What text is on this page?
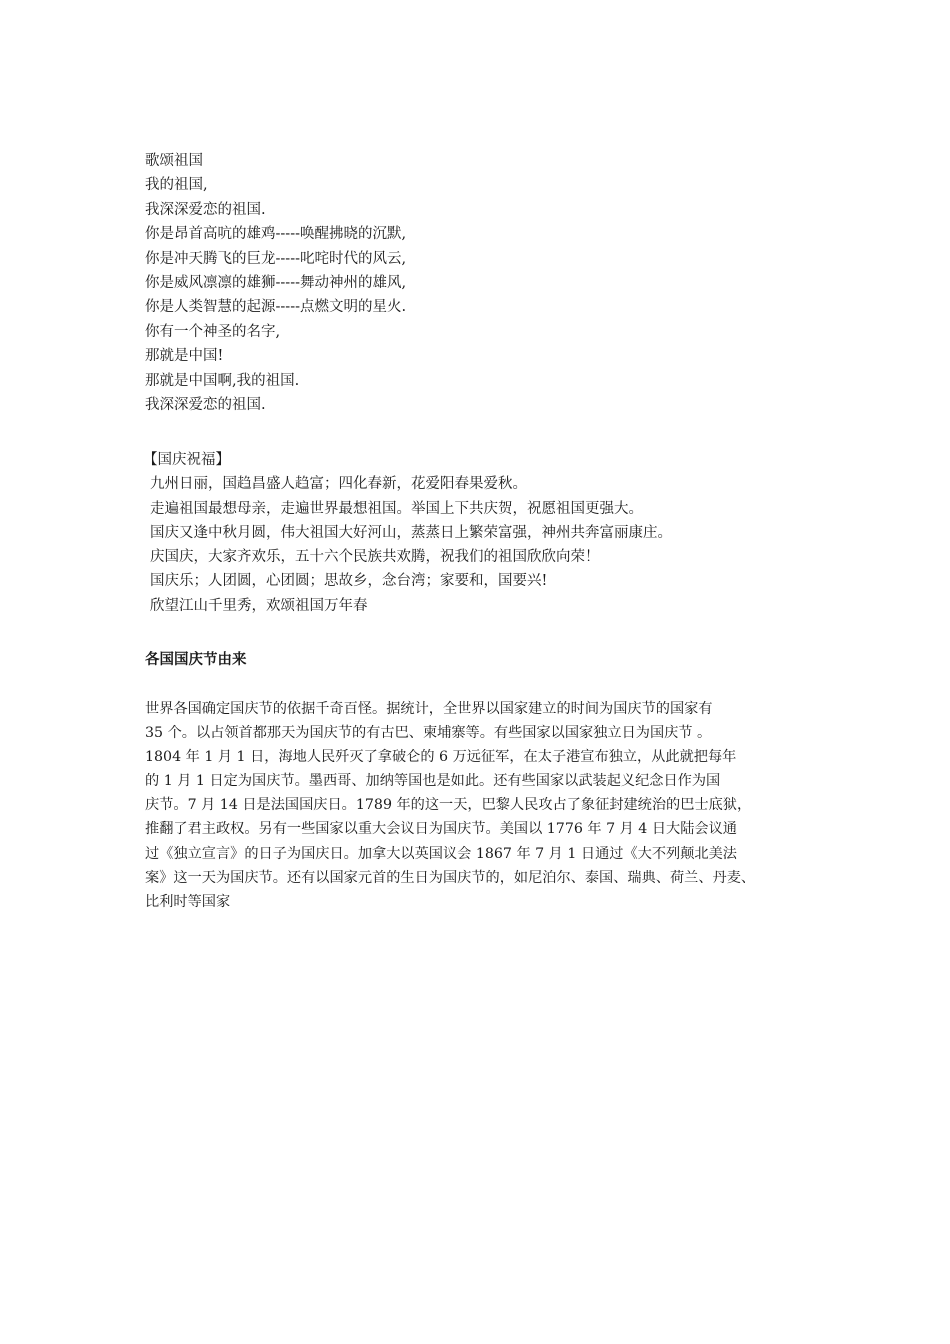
歌颂祖国
我的祖国,
我深深爱恋的祖国.
你是昂首高吭的雄鸡-----唤醒拂晓的沉默,
你是冲天腾飞的巨龙-----叱咤时代的风云,
你是威风凛凛的雄狮-----舞动神州的雄风,
你是人类智慧的起源-----点燃文明的星火.
你有一个神圣的名字,
那就是中国!
那就是中国啊,我的祖国.
我深深爱恋的祖国.
【国庆祝福】
九州日丽，国趋昌盛人趋富；四化春新，花爱阳春果爱秋。
走遍祖国最想母亲，走遍世界最想祖国。举国上下共庆贺，祝愿祖国更强大。
国庆又逢中秋月圆，伟大祖国大好河山，蒸蒸日上繁荣富强，神州共奔富丽康庄。
庆国庆，大家齐欢乐，五十六个民族共欢腾，祝我们的祖国欣欣向荣！
国庆乐；人团圆，心团圆；思故乡，念台湾；家要和，国要兴!
欣望江山千里秀，欢颂祖国万年春
各国国庆节由来
世界各国确定国庆节的依据千奇百怪。据统计，全世界以国家建立的时间为国庆节的国家有
35 个。以占领首都那天为国庆节的有古巴、柬埔寨等。有些国家以国家独立日为国庆节 。
1804 年 1 月 1 日，海地人民歼灭了拿破仑的 6 万远征军，在太子港宣布独立，从此就把每年
的 1 月 1 日定为国庆节。墨西哥、加纳等国也是如此。还有些国家以武装起义纪念日作为国
庆节。7 月 14 日是法国国庆日。1789 年的这一天，巴黎人民攻占了象征封建统治的巴士底狱，
推翻了君主政权。另有一些国家以重大会议日为国庆节。美国以 1776 年 7 月 4 日大陆会议通
过《独立宣言》的日子为国庆日。加拿大以英国议会 1867 年 7 月 1 日通过《大不列颠北美法
案》这一天为国庆节。还有以国家元首的生日为国庆节的，如尼泊尔、泰国、瑞典、荷兰、丹麦、
比利时等国家
